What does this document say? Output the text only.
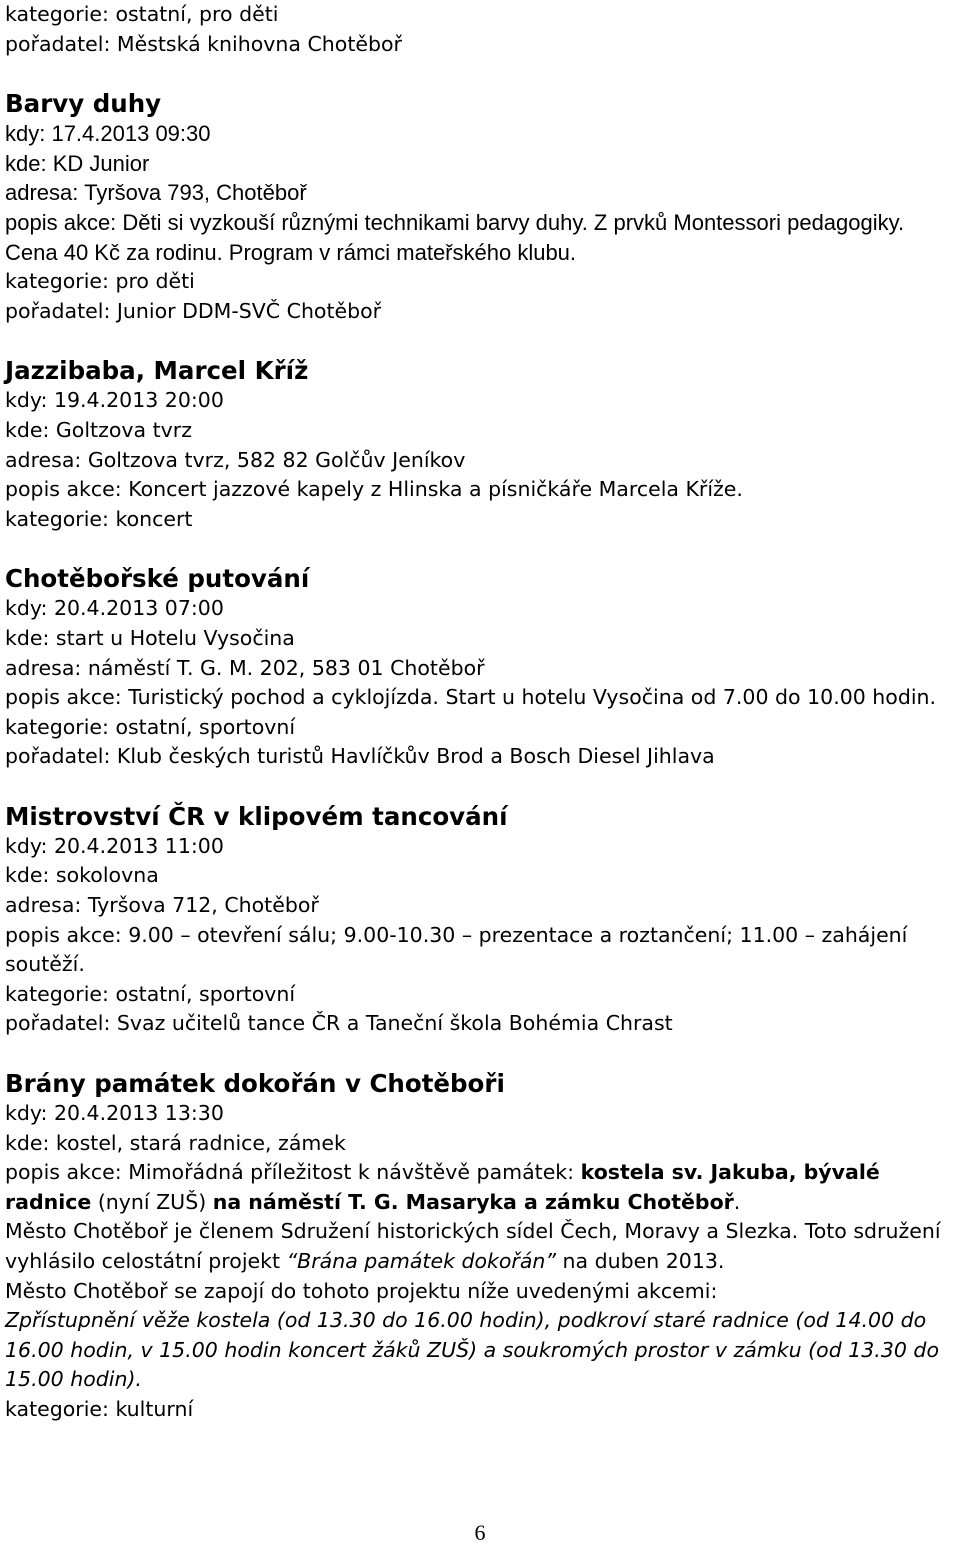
kategorie: ostatní, pro děti
pořadatel: Městská knihovna Chotěboř
Barvy duhy
kdy: 17.4.2013 09:30
kde: KD Junior
adresa: Tyršova 793, Chotěboř
popis akce: Děti si vyzkouší různými technikami barvy duhy. Z prvků Montessori pedagogiky. Cena 40 Kč za rodinu. Program v rámci mateřského klubu.
kategorie: pro děti
pořadatel: Junior DDM-SVČ Chotěboř
Jazzibaba, Marcel Kříž
kdy: 19.4.2013 20:00
kde: Goltzova tvrz
adresa: Goltzova tvrz, 582 82 Golčův Jeníkov
popis akce: Koncert jazzové kapely z Hlinska a písničkáře Marcela Kříže.
kategorie: koncert
Chotěbořské putování
kdy: 20.4.2013 07:00
kde: start u Hotelu Vysočina
adresa: náměstí T. G. M. 202, 583 01 Chotěboř
popis akce: Turistický pochod a cyklojízda. Start u hotelu Vysočina od 7.00 do 10.00 hodin.
kategorie: ostatní, sportovní
pořadatel: Klub českých turistů Havlíčkův Brod a Bosch Diesel Jihlava
Mistrovství ČR v klipovém tancování
kdy: 20.4.2013 11:00
kde: sokolovna
adresa: Tyršova 712, Chotěboř
popis akce: 9.00 – otevření sálu; 9.00-10.30 – prezentace a roztančení; 11.00 – zahájení soutěží.
kategorie: ostatní, sportovní
pořadatel: Svaz učitelů tance ČR a Taneční škola Bohémia Chrast
Brány památek dokořán v Chotěboři
kdy: 20.4.2013 13:30
kde: kostel, stará radnice, zámek
popis akce: Mimořádná příležitost k návštěvě památek: kostela sv. Jakuba, bývalé radnice (nyní ZUŠ) na náměstí T. G. Masaryka a zámku Chotěboř.
Město Chotěboř je členem Sdružení historických sídel Čech, Moravy a Slezka. Toto sdružení vyhlásilo celostátní projekt “Brána památek dokořán” na duben 2013.
Město Chotěboř se zapojí do tohoto projektu níže uvedenými akcemi:
Zpřístupnění věže kostela (od 13.30 do 16.00 hodin), podkroví staré radnice (od 14.00 do 16.00 hodin, v 15.00 hodin koncert žáků ZUŠ) a soukromých prostor v zámku (od 13.30 do 15.00 hodin).
kategorie: kulturní
6
